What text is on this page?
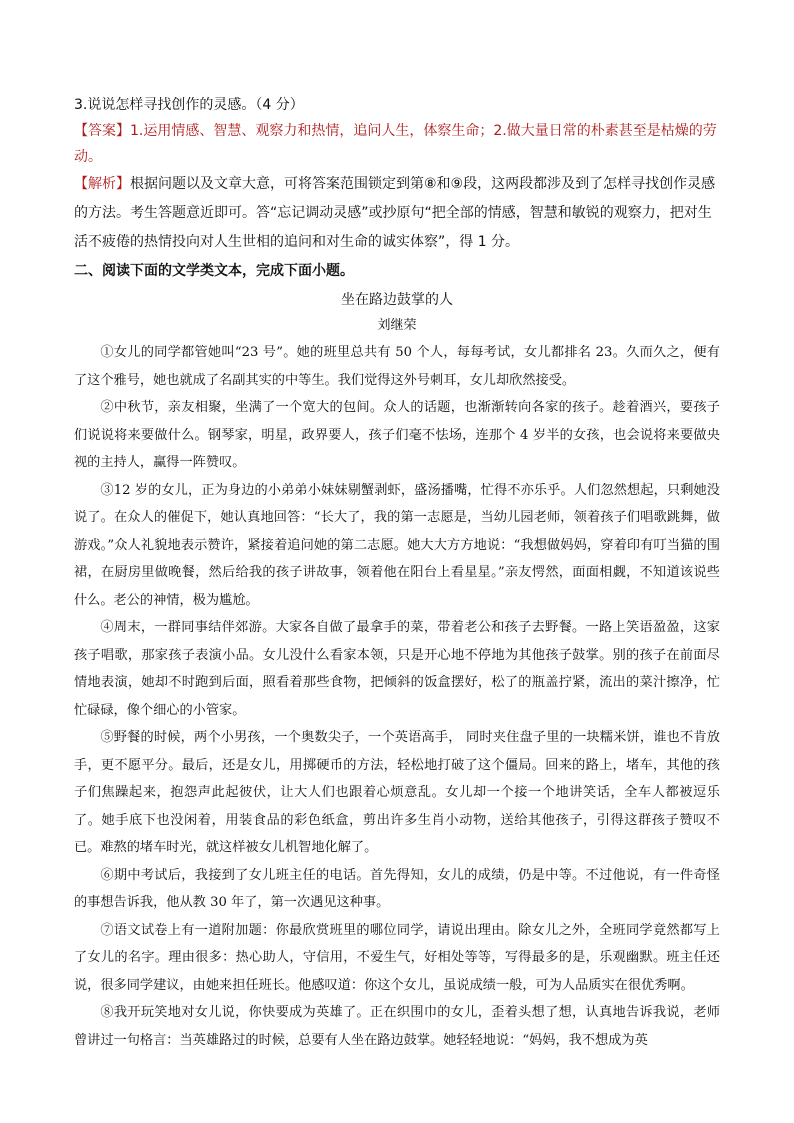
3.说说怎样寻找创作的灵感。（4 分）

【答案】1.运用情感、智慧、观察力和热情，追问人生，体察生命；2.做大量日常的朴素甚至是枯燥的劳动。

【解析】根据问题以及文章大意，可将答案范围锁定到第⑧和⑨段，这两段都涉及到了怎样寻找创作灵感的方法。考生答题意近即可。答“忘记调动灵感”或抄原句“把全部的情感，智慧和敏锐的观察力，把对生活不疲倦的热情投向对人生世相的追问和对生命的诚实体察”，得 1 分。

二、阅读下面的文学类文本，完成下面小题。

坐在路边鼓掌的人

刘继荣

①女儿的同学都管她叫“23 号”。她的班里总共有 50 个人，每每考试，女儿都排名 23。久而久之，便有了这个雅号，她也就成了名副其实的中等生。我们觉得这外号刺耳，女儿却欣然接受。

②中秋节，亲友相聚，坐满了一个宽大的包间。众人的话题，也渐渐转向各家的孩子。趁着酒兴，要孩子们说说将来要做什么。钢琴家，明星，政界要人，孩子们毫不怯场，连那个 4 岁半的女孩，也会说将来要做央视的主持人，赢得一阵赞叹。

③12 岁的女儿，正为身边的小弟弟小妹妹剔蟹剥虾，盛汤播嘴，忙得不亦乐乎。人们忽然想起，只剩她没说了。在众人的催促下，她认真地回答：“长大了，我的第一志愿是，当幼儿园老师，领着孩子们唱歌跳舞，做游戏。”众人礼貌地表示赞许，紧接着追问她的第二志愿。她大大方方地说：“我想做妈妈，穿着印有叮当猫的围裙，在厨房里做晚餐，然后给我的孩子讲故事，领着他在阳台上看星星。”亲友愕然，面面相觑，不知道该说些什么。老公的神情，极为尴尬。

④周末，一群同事结伴郊游。大家各自做了最拿手的菜，带着老公和孩子去野餐。一路上笑语盈盈，这家孩子唱歌，那家孩子表演小品。女儿没什么看家本领，只是开心地不停地为其他孩子鼓掌。别的孩子在前面尽情地表演，她却不时跑到后面，照看着那些食物，把倾斜的饭盒摆好，松了的瓶盖拧紧，流出的菜汁擦净，忙忙碌碌，像个细心的小管家。

⑤野餐的时候，两个小男孩，一个奥数尖子，一个英语高手， 同时夹住盘子里的一块糯米饼，谁也不肯放手，更不愿平分。最后，还是女儿，用掷硬币的方法，轻松地打破了这个僵局。回来的路上，堵车，其他的孩子们焦躁起来，抱怨声此起彼伏，让大人们也跟着心烦意乱。女儿却一个接一个地讲笑话，全车人都被逗乐了。她手底下也没闲着，用装食品的彩色纸盒，剪出许多生肖小动物，送给其他孩子，引得这群孩子赞叹不已。难熬的堵车时光，就这样被女儿机智地化解了。

⑥期中考试后，我接到了女儿班主任的电话。首先得知，女儿的成绩，仍是中等。不过他说，有一件奇怪的事想告诉我，他从教 30 年了，第一次遇见这种事。

⑦语文试卷上有一道附加题：你最欣赏班里的哪位同学，请说出理由。除女儿之外，全班同学竟然都写上了女儿的名字。理由很多：热心助人，守信用，不爱生气，好相处等等，写得最多的是，乐观幽默。班主任还说，很多同学建议，由她来担任班长。他感叹道：你这个女儿，虽说成绩一般，可为人品质实在很优秀啊。

⑧我开玩笑地对女儿说，你快要成为英雄了。正在织围巾的女儿，歪着头想了想，认真地告诉我说，老师曾讲过一句格言：当英雄路过的时候，总要有人坐在路边鼓掌。她轻轻地说：“妈妈，我不想成为英
